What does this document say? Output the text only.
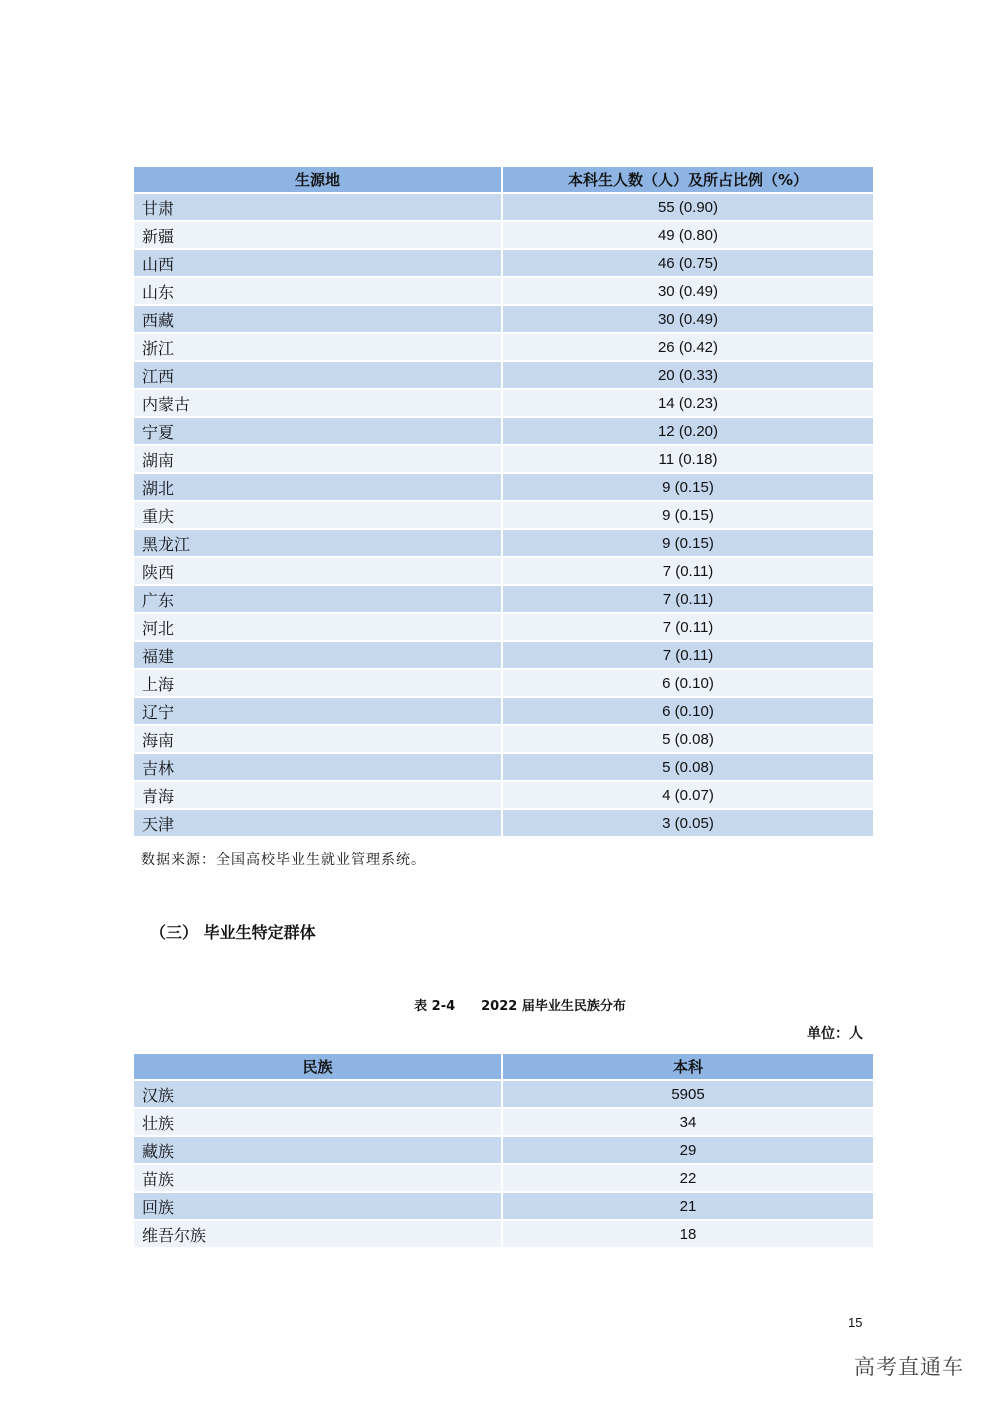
生源地	本科生人数（人）及所占比例（%）
甘肃	55 (0.90)
新疆	49 (0.80)
山西	46 (0.75)
山东	30 (0.49)
西藏	30 (0.49)
浙江	26 (0.42)
江西	20 (0.33)
内蒙古	14 (0.23)
宁夏	12 (0.20)
湖南	11 (0.18)
湖北	9 (0.15)
重庆	9 (0.15)
黑龙江	9 (0.15)
陕西	7 (0.11)
广东	7 (0.11)
河北	7 (0.11)
福建	7 (0.11)
上海	6 (0.10)
辽宁	6 (0.10)
海南	5 (0.08)
吉林	5 (0.08)
青海	4 (0.07)
天津	3 (0.05)
数据来源：全国高校毕业生就业管理系统。
（三） 毕业生特定群体
表 2-4　　2022 届毕业生民族分布
单位：人
民族	本科
汉族	5905
壮族	34
藏族	29
苗族	22
回族	21
维吾尔族	18
15
高考直通车
